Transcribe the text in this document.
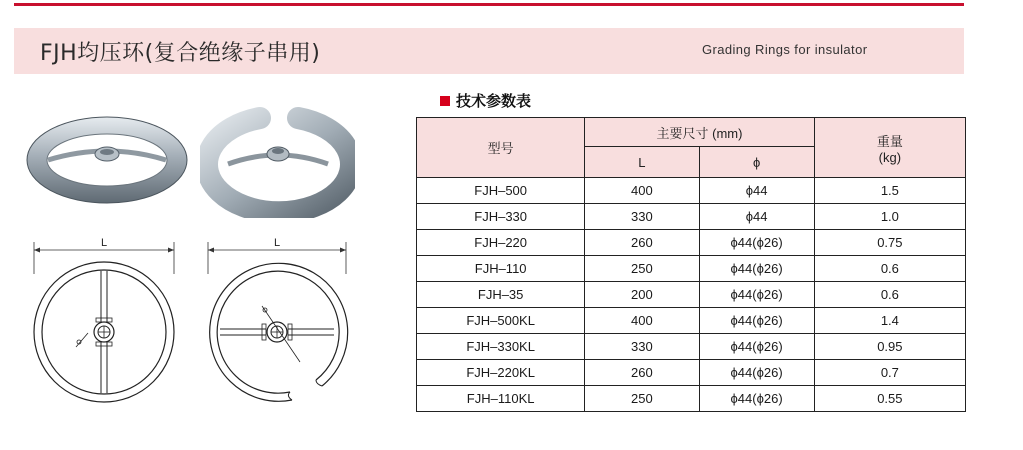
FJH均压环(复合绝缘子串用)	Grading Rings for insulator
L	L
技术参数表
型号	主要尺寸 (mm)		重量
(kg)
	L	ϕ	
FJH–500	400	ϕ44	1.5
FJH–330	330	ϕ44	1.0
FJH–220	260	ϕ44(ϕ26)	0.75
FJH–110	250	ϕ44(ϕ26)	0.6
FJH–35	200	ϕ44(ϕ26)	0.6
FJH–500KL	400	ϕ44(ϕ26)	1.4
FJH–330KL	330	ϕ44(ϕ26)	0.95
FJH–220KL	260	ϕ44(ϕ26)	0.7
FJH–110KL	250	ϕ44(ϕ26)	0.55
